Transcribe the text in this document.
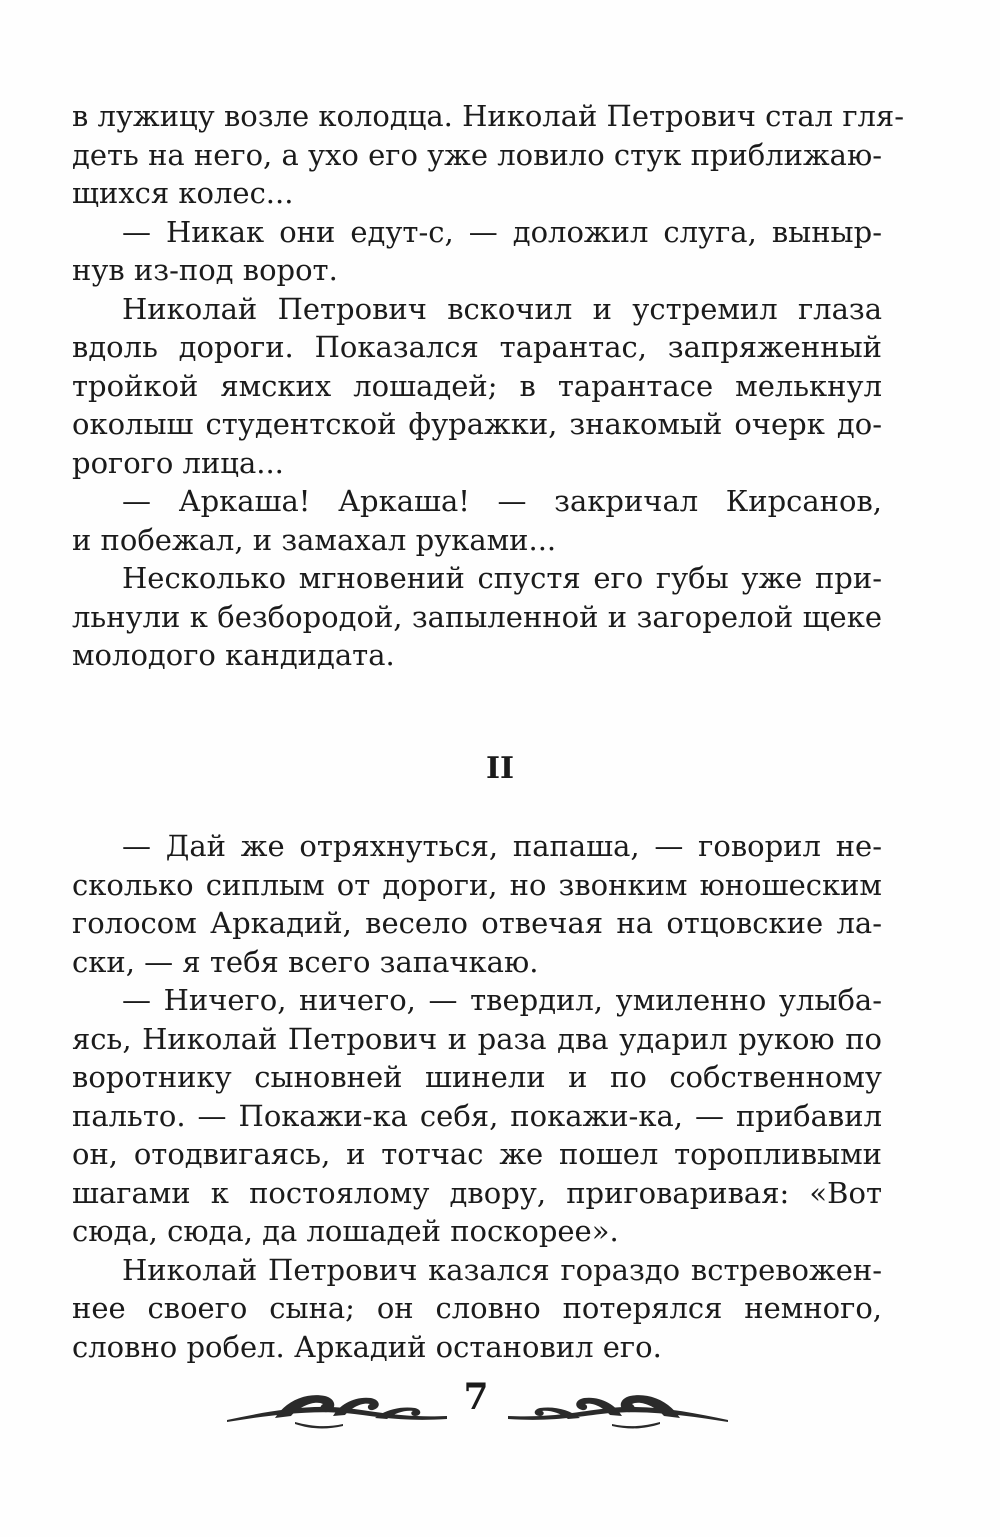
в лужицу возле колодца. Николай Петрович стал гля-
деть на него, а ухо его уже ловило стук приближаю-
щихся колес...
— Никак они едут-с, — доложил слуга, выныр-
нув из-под ворот.
Николай Петрович вскочил и устремил глаза
вдоль дороги. Показался тарантас, запряженный
тройкой ямских лошадей; в тарантасе мелькнул
околыш студентской фуражки, знакомый очерк до-
рогого лица...
— Аркаша! Аркаша! — закричал Кирсанов,
и побежал, и замахал руками...
Несколько мгновений спустя его губы уже при-
льнули к безбородой, запыленной и загорелой щеке
молодого кандидата.
II
— Дай же отряхнуться, папаша, — говорил не-
сколько сиплым от дороги, но звонким юношеским
голосом Аркадий, весело отвечая на отцовские ла-
ски, — я тебя всего запачкаю.
— Ничего, ничего, — твердил, умиленно улыба-
ясь, Николай Петрович и раза два ударил рукою по
воротнику сыновней шинели и по собственному
пальто. — Покажи-ка себя, покажи-ка, — прибавил
он, отодвигаясь, и тотчас же пошел торопливыми
шагами к постоялому двору, приговаривая: «Вот
сюда, сюда, да лошадей поскорее».
Николай Петрович казался гораздо встревожен-
нее своего сына; он словно потерялся немного,
словно робел. Аркадий остановил его.
7
